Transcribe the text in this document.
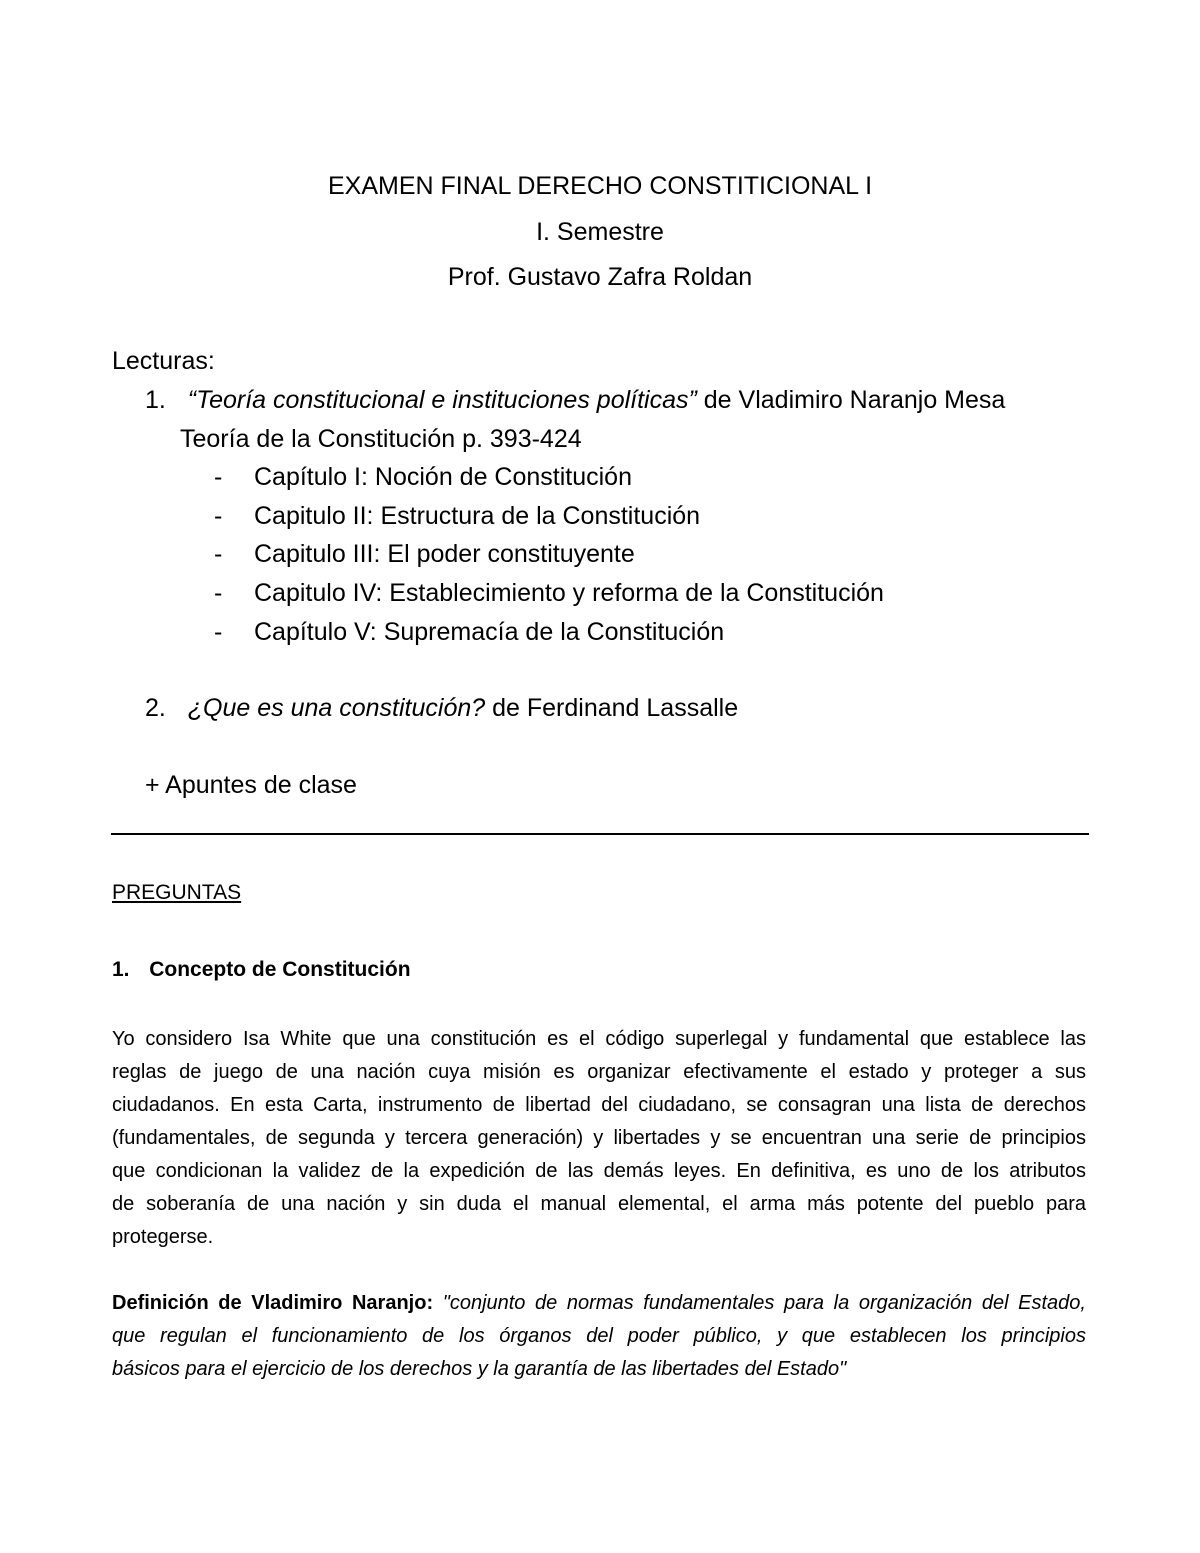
EXAMEN FINAL DERECHO CONSTITICIONAL I
I. Semestre
Prof. Gustavo Zafra Roldan
Lecturas:
1. “Teoría constitucional e instituciones políticas” de Vladimiro Naranjo Mesa
Teoría de la Constitución p. 393-424
- Capítulo I: Noción de Constitución
- Capitulo II: Estructura de la Constitución
- Capitulo III: El poder constituyente
- Capitulo IV: Establecimiento y reforma de la Constitución
- Capítulo V: Supremacía de la Constitución
2. ¿Que es una constitución? de Ferdinand Lassalle
+ Apuntes de clase
PREGUNTAS
1. Concepto de Constitución
Yo considero Isa White que una constitución es el código superlegal y fundamental que establece las
reglas de juego de una nación cuya misión es organizar efectivamente el estado y proteger a sus
ciudadanos. En esta Carta, instrumento de libertad del ciudadano, se consagran una lista de derechos
(fundamentales, de segunda y tercera generación) y libertades y se encuentran una serie de principios
que condicionan la validez de la expedición de las demás leyes. En definitiva, es uno de los atributos
de soberanía de una nación y sin duda el manual elemental, el arma más potente del pueblo para
protegerse.
Definición de Vladimiro Naranjo: "conjunto de normas fundamentales para la organización del Estado,
que regulan el funcionamiento de los órganos del poder público, y que establecen los principios
básicos para el ejercicio de los derechos y la garantía de las libertades del Estado"
